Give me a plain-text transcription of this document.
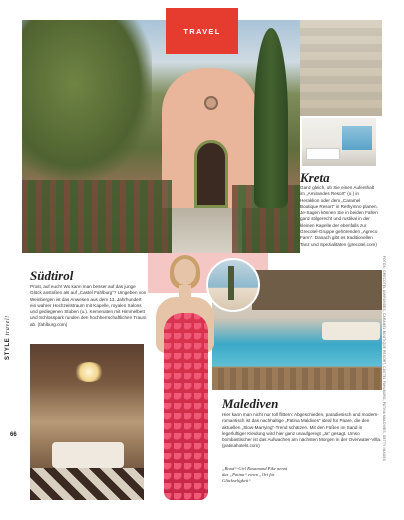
TRAVEL
Kreta
Ganz gleich, ob Sie einen Aufenthalt im „Amirandes Resort“ (o.) in Heraklion oder dem „Caramel Boutique Resort“ in Rethymno planen. Je-Sagen können Sie in beiden Fallen ganz stilgerecht und rustikal in der kleinen Kapelle der ebenfalls zur Grecotel-Gruppe gehörenden „Agreco Farm“. Danach gibt es traditionellen Tanz und Spezialitäten (grecotel.com)
Südtirol
Prost, auf euch! Wo kann man besser auf das junge Glück anstoßen als auf „Castel Fahlburg“? Umgeben von Weinbergen ist das Anwesen aus dem 13. Jahrhundert ein wahrer Hochzeitstraum mit Kapelle, royalen Salons und gediegenen Stuben (u.). Kemenaten mit Himmelbett und Schlosspark runden den hochherrschaftlichen Traum ab. (fahlburg.com)
Malediven
Hier kann man nicht nur toll flittern: Abgeschieden, paradiesisch und modern-romantisch ist das nachhaltige „Patina Maldives“ ideal für Paare, die den aktuellen „Slow-Marrying“-Trend schätzen. Mit den Füßen im Sand in legerluftiger Kleidung wird hier ganz unaufgeregt „Ja“ gesagt. Umso bombastischer ist das Aufwachen am nächsten Morgen in der Overwater-Villa. (patinahotels.com)
„Bond“-Girl Rosamund Pike nennt das „Patina“ einen „Ort für Glückseligkeit“
STYLE travel!
66	FOTOS: GRECOTEL AMIRANDES, CARAMEL BOUTIQUE RESORT, CASTEL FAHLBURG, PATINA MALDIVES, GETTY IMAGES
